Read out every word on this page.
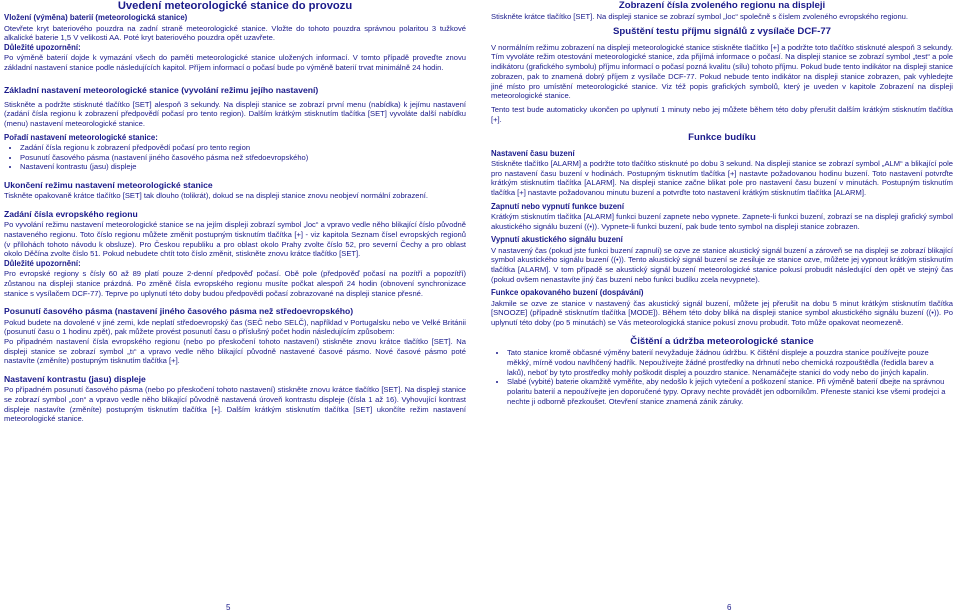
Uvedení meteorologické stanice do provozu
Vložení (výměna) baterií (meteorologická stanice)

Otevřete kryt bateriového pouzdra na zadní straně meteorologické stanice. Vložte do tohoto pouzdra správnou polaritou 3 tužkové alkalické baterie 1,5 V velikosti AA. Poté kryt bateriového pouzdra opět uzavřete.

Důležité upozornění:

Po výměně baterií dojde k vymazání všech do paměti meteorologické stanice uložených informací. V tomto případě proveďte znovu základní nastavení stanice podle následujících kapitol. Příjem informací o počasí bude po výměně baterií trvat minimálně 24 hodin.

Základní nastavení meteorologické stanice (vyvolání režimu jejího nastavení)

Stiskněte a podržte stisknuté tlačítko [SET] alespoň 3 sekundy. Na displeji stanice se zobrazí první menu (nabídka) k jejímu nastavení (zadání čísla regionu k zobrazení předpovědí počasí pro tento region). Dalším krátkým stisknutím tlačítka [SET] vyvoláte další nabídku (menu) nastavení meteorologické stanice.

Pořadí nastavení meteorologické stanice:
• Zadání čísla regionu k zobrazení předpovědí počasí pro tento region
• Posunutí časového pásma (nastavení jiného časového pásma než středoevropského)
• Nastavení kontrastu (jasu) displeje
Ukončení režimu nastavení meteorologické stanice

Tiskněte opakovaně krátce tlačítko [SET] tak dlouho (tolikrát), dokud se na displeji stanice znovu neobjeví normální zobrazení.

Zadání čísla evropského regionu

Po vyvolání režimu nastavení meteorologické stanice se na jejím displeji zobrazí symbol „loc“ a vpravo vedle něho blikající číslo původně nastaveného regionu. Toto číslo regionu můžete změnit postupným tisknutím tlačítka [+] - viz kapitola Seznam čísel evropských regionů (v přílohách tohoto návodu k obsluze). Pro Českou republiku a pro oblast okolo Prahy zvolte číslo 52, pro severní Čechy a pro oblast okolo Děčína zvolte číslo 51. Pokud nebudete chtít toto číslo změnit, stiskněte znovu krátce tlačítko [SET].

Důležité upozornění:

Pro evropské regiony s čísly 60 až 89 platí pouze 2-denní předpověď počasí. Obě pole (předpověď počasí na pozítří a popozítří) zůstanou na displeji stanice prázdná. Po změně čísla evropského regionu musíte počkat alespoň 24 hodin (obnovení synchronizace stanice s vysílačem DCF-77). Teprve po uplynutí této doby budou předpovědi počasí zobrazované na displeji stanice přesné.

Posunutí časového pásma (nastavení jiného časového pásma než středoevropského)

Pokud budete na dovolené v jiné zemi, kde neplatí středoevropský čas (SEČ nebo SELČ), například v Portugalsku nebo ve Velké Británii (posunutí času o 1 hodinu zpět), pak můžete provést posunutí času o příslušný počet hodin následujícím způsobem:

Po připadném nastavení čísla evropského regionu (nebo po přeskočení tohoto nastavení) stiskněte znovu krátce tlačítko [SET]. Na displeji stanice se zobrazí symbol „tı“ a vpravo vedle něho blikající původně nastavené časové pásmo. Nové časové pásmo poté nastavíte (změníte) postupným tisknutím tlačítka [+].

Nastavení kontrastu (jasu) displeje

Po případném posunutí časového pásma (nebo po přeskočení tohoto nastavení) stiskněte znovu krátce tlačítko [SET]. Na displeji stanice se zobrazí symbol „con“ a vpravo vedle něho blikající původně nastavená úroveň kontrastu displeje (čísla 1 až 16). Vyhovující kontrast displeje nastavíte (změníte) postupným tisknutím tlačítka [+]. Dalším krátkým stisknutím tlačítka [SET] ukončíte režim nastavení meteorologické stanice.

5
Zobrazení čísla zvoleného regionu na displeji

Stiskněte krátce tlačítko [SET]. Na displeji stanice se zobrazí symbol „loc“ společně s číslem zvoleného evropského regionu.

Spuštění testu příjmu signálů z vysílače DCF-77

V normálním režimu zobrazení na displeji meteorologické stanice stiskněte tlačítko [+] a podržte toto tlačítko stisknuté alespoň 3 sekundy. Tím vyvoláte režim otestování meteorologické stanice, zda přijímá informace o počasí. Na displeji stanice se zobrazí symbol „test“ a pole indikátoru (grafického symbolu) příjmu informací o počasí pozná kvalitu (sílu) tohoto příjmu. Pokud bude tento indikátor na displeji stanice zobrazen, pak to znamená dobrý příjem z vysílače DCF-77. Pokud nebude tento indikátor na displeji stanice zobrazen, pak vyhledejte jiné místo pro umístění meteorologické stanice. Viz též popis grafických symbolů, který je uveden v kapitole Zobrazení na displeji meteorologické stanice.

Tento test bude automaticky ukončen po uplynutí 1 minuty nebo jej můžete během této doby přerušit dalším krátkým stisknutím tlačítka [+].

Funkce budíku
Nastavení času buzení

Stiskněte tlačítko [ALARM] a podržte toto tlačítko stisknuté po dobu 3 sekund. Na displeji stanice se zobrazí symbol „ALM“ a blikající pole pro nastavení času buzení v hodinách. Postupným tisknutím tlačítka [+] nastavte požadovanou hodinu buzení. Toto nastavení potvrďte krátkým stisknutím tlačítka [ALARM]. Na displeji stanice začne blikat pole pro nastavení času buzení v minutách. Postupným tisknutím tlačítka [+] nastavte požadovanou minutu buzení a potvrďte toto nastavení krátkým stisknutím tlačítka [ALARM].

Zapnutí nebo vypnutí funkce buzení

Krátkým stisknutím tlačítka [ALARM] funkci buzení zapnete nebo vypnete. Zapnete-li funkci buzení, zobrazí se na displeji grafický symbol akustického signálu buzení ((•)). Vypnete-li funkci buzení, pak bude tento symbol na displeji stanice zobrazen.

Vypnutí akustického signálu buzení

V nastavený čas (pokud jste funkci buzení zapnuli) se ozve ze stanice akustický signál buzení a zároveň se na displeji se zobrazí blikající symbol akustického signálu buzení ((•)). Tento akustický signál buzení se zesiluje ze stanice ozve, můžete jej vypnout krátkým stisknutím tlačítka [ALARM]. V tom případě se akustický signál buzení meteorologické stanice pokusí probudit následující den opět ve stejný čas (pokud ovšem nenastavíte jiný čas buzení nebo funkci budíku zcela nevypnete).

Funkce opakovaného buzení (dospávání)

Jakmile se ozve ze stanice v nastavený čas akustický signál buzení, můžete jej přerušit na dobu 5 minut krátkým stisknutím tlačítka [SNOOZE] (případně stisknutím tlačítka [MODE]). Během této doby bliká na displeji stanice symbol akustického signálu buzení ((•)). Po uplynutí této doby (po 5 minutách) se Vás meteorologická stanice pokusí znovu probudit. Toto může opakovat neomezeně.

Čištění a údržba meteorologické stanice
• Tato stanice kromě občasné výměny baterií nevyžaduje žádnou údržbu. K čištění displeje a pouzdra stanice používejte pouze měkký, mírně vodou navlhčený hadřík. Nepoužívejte žádné prostředky na drhnutí nebo chemická rozpouštědla (ředidla barev a laků), neboť by tyto prostředky mohly poškodit displej a pouzdro stanice. Nenamáčejte stanici do vody nebo do jiných kapalin.
• Slabé (vybité) baterie okamžitě vyměňte, aby nedošlo k jejich vytečení a poškození stanice. Při výměně baterií dbejte na správnou polaritu baterií a nepoužívejte jen doporučené typy. Opravy nechte provádět jen odborníkům. Přeneste stanici kse všemi prodejci a nechte ji odborně přezkoušet. Otevření stanice znamená zánik záruky.
6
